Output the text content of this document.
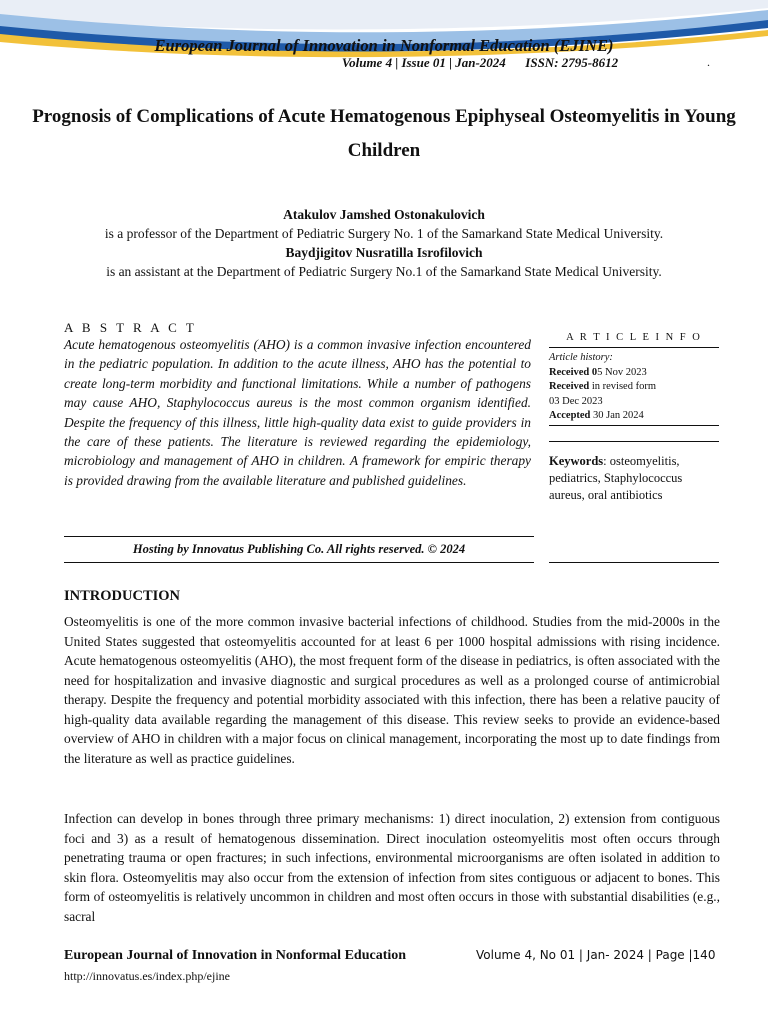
European Journal of Innovation in Nonformal Education (EJINE)
Volume 4 | Issue 01 | Jan-2024      ISSN: 2795-8612	.
Prognosis of Complications of Acute Hematogenous Epiphyseal Osteomyelitis in Young Children
Atakulov Jamshed Ostonakulovich
is a professor of the Department of Pediatric Surgery No. 1 of the Samarkand State Medical University.
Baydjigitov Nusratilla Isrofilovich
is an assistant at the Department of Pediatric Surgery No.1 of the Samarkand State Medical University.
A B S T R A C T
Acute hematogenous osteomyelitis (AHO) is a common invasive infection encountered in the pediatric population. In addition to the acute illness, AHO has the potential to create long-term morbidity and functional limitations. While a number of pathogens may cause AHO, Staphylococcus aureus is the most common organism identified. Despite the frequency of this illness, little high-quality data exist to guide providers in the care of these patients. The literature is reviewed regarding the epidemiology, microbiology and management of AHO in children. A framework for empiric therapy is provided drawing from the available literature and published guidelines.
Hosting by Innovatus Publishing Co. All rights reserved. © 2024
A R T I C L E I N F O
Article history:
Received 05 Nov 2023
Received in revised form
03 Dec 2023
Accepted 30 Jan 2024
Keywords: osteomyelitis, pediatrics, Staphylococcus aureus, oral antibiotics
INTRODUCTION
Osteomyelitis is one of the more common invasive bacterial infections of childhood. Studies from the mid-2000s in the United States suggested that osteomyelitis accounted for at least 6 per 1000 hospital admissions with rising incidence. Acute hematogenous osteomyelitis (AHO), the most frequent form of the disease in pediatrics, is often associated with the need for hospitalization and invasive diagnostic and surgical procedures as well as a prolonged course of antimicrobial therapy. Despite the frequency and potential morbidity associated with this infection, there has been a relative paucity of high-quality data available regarding the management of this disease. This review seeks to provide an evidence-based overview of AHO in children with a major focus on clinical management, incorporating the most up to date findings from the literature as well as practice guidelines.
Infection can develop in bones through three primary mechanisms: 1) direct inoculation, 2) extension from contiguous foci and 3) as a result of hematogenous dissemination. Direct inoculation osteomyelitis most often occurs through penetrating trauma or open fractures; in such infections, environmental microorganisms are often isolated in addition to skin flora. Osteomyelitis may also occur from the extension of infection from sites contiguous or adjacent to bones. This form of osteomyelitis is relatively uncommon in children and most often occurs in those with substantial disabilities (e.g., sacral
European Journal of Innovation in Nonformal Education	Volume 4, No 01 | Jan- 2024 | Page |140
http://innovatus.es/index.php/ejine
